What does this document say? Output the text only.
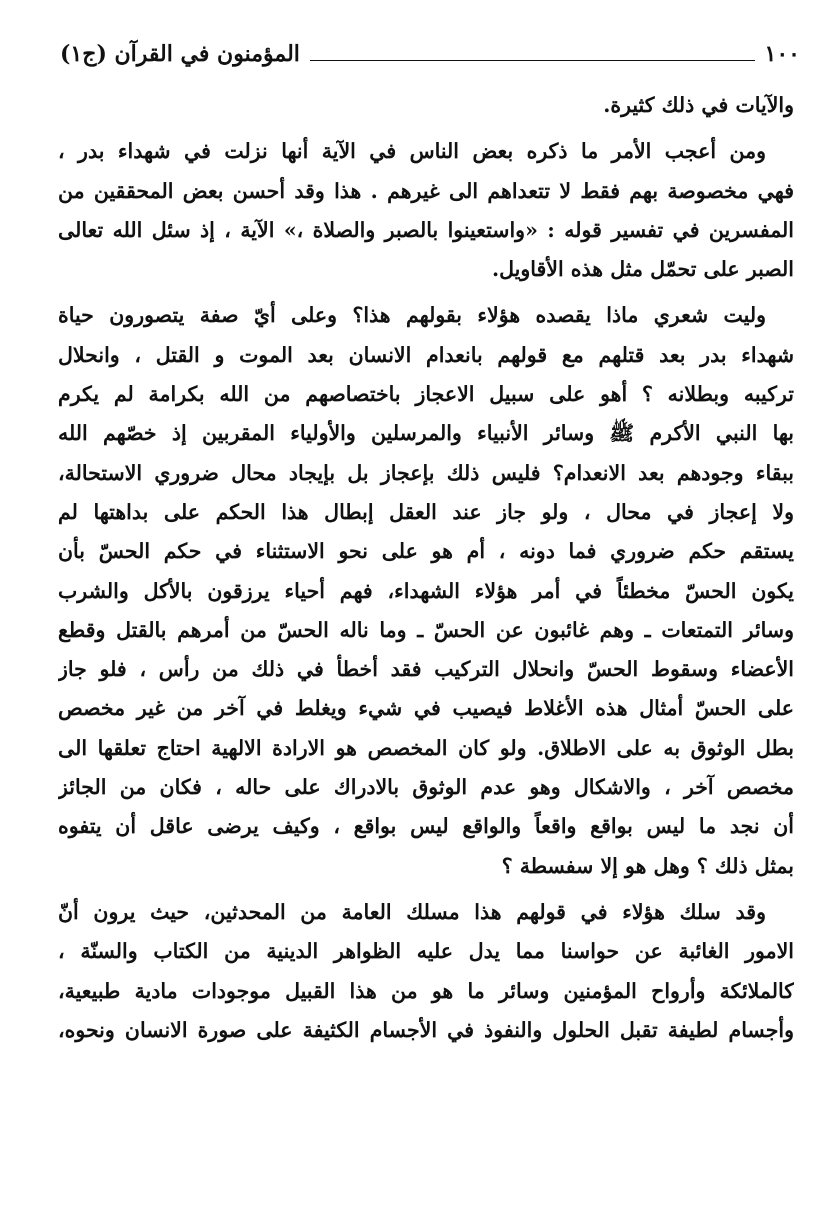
١٠٠
المؤمنون في القرآن (ج١)
والآيات في ذلك كثيرة.
ومن أعجب الأمر ما ذكره بعض الناس في الآية أنها نزلت في شهداء بدر ،
فهي مخصوصة بهم فقط لا تتعداهم الى غيرهم . هذا وقد أحسن بعض المحققين من
المفسرين في تفسير قوله : «واستعينوا بالصبر والصلاة ،» الآية ، إذ سئل الله تعالى
الصبر على تحمّل مثل هذه الأقاويل.
وليت شعري ماذا يقصده هؤلاء بقولهم هذا؟ وعلى أيّ صفة يتصورون حياة
شهداء بدر بعد قتلهم مع قولهم بانعدام الانسان بعد الموت و القتل ، وانحلال
تركيبه وبطلانه ؟ أهو على سبيل الاعجاز باختصاصهم من الله بكرامة لم يكرم
بها النبي الأكرم ﷺ وسائر الأنبياء والمرسلين والأولياء المقربين إذ خصّهم الله
ببقاء وجودهم بعد الانعدام؟ فليس ذلك بإعجاز بل بإيجاد محال ضروري الاستحالة،
ولا إعجاز في محال ، ولو جاز عند العقل إبطال هذا الحكم على بداهتها لم
يستقم حكم ضروري فما دونه ، أم هو على نحو الاستثناء في حكم الحسّ بأن
يكون الحسّ مخطئاً في أمر هؤلاء الشهداء، فهم أحياء يرزقون بالأكل والشرب
وسائر التمتعات ـ وهم غائبون عن الحسّ ـ وما ناله الحسّ من أمرهم بالقتل وقطع
الأعضاء وسقوط الحسّ وانحلال التركيب فقد أخطأ في ذلك من رأس ، فلو جاز
على الحسّ أمثال هذه الأغلاط فيصيب في شيء ويغلط في آخر من غير مخصص
بطل الوثوق به على الاطلاق. ولو كان المخصص هو الارادة الالهية احتاج تعلقها الى
مخصص آخر ، والاشكال وهو عدم الوثوق بالادراك على حاله ، فكان من الجائز
أن نجد ما ليس بواقع واقعاً والواقع ليس بواقع ، وكيف يرضى عاقل أن يتفوه
بمثل ذلك ؟ وهل هو إلا سفسطة ؟
وقد سلك هؤلاء في قولهم هذا مسلك العامة من المحدثين، حيث يرون أنّ
الامور الغائبة عن حواسنا مما يدل عليه الظواهر الدينية من الكتاب والسنّة ،
كالملائكة وأرواح المؤمنين وسائر ما هو من هذا القبيل موجودات مادية طبيعية،
وأجسام لطيفة تقبل الحلول والنفوذ في الأجسام الكثيفة على صورة الانسان ونحوه،
